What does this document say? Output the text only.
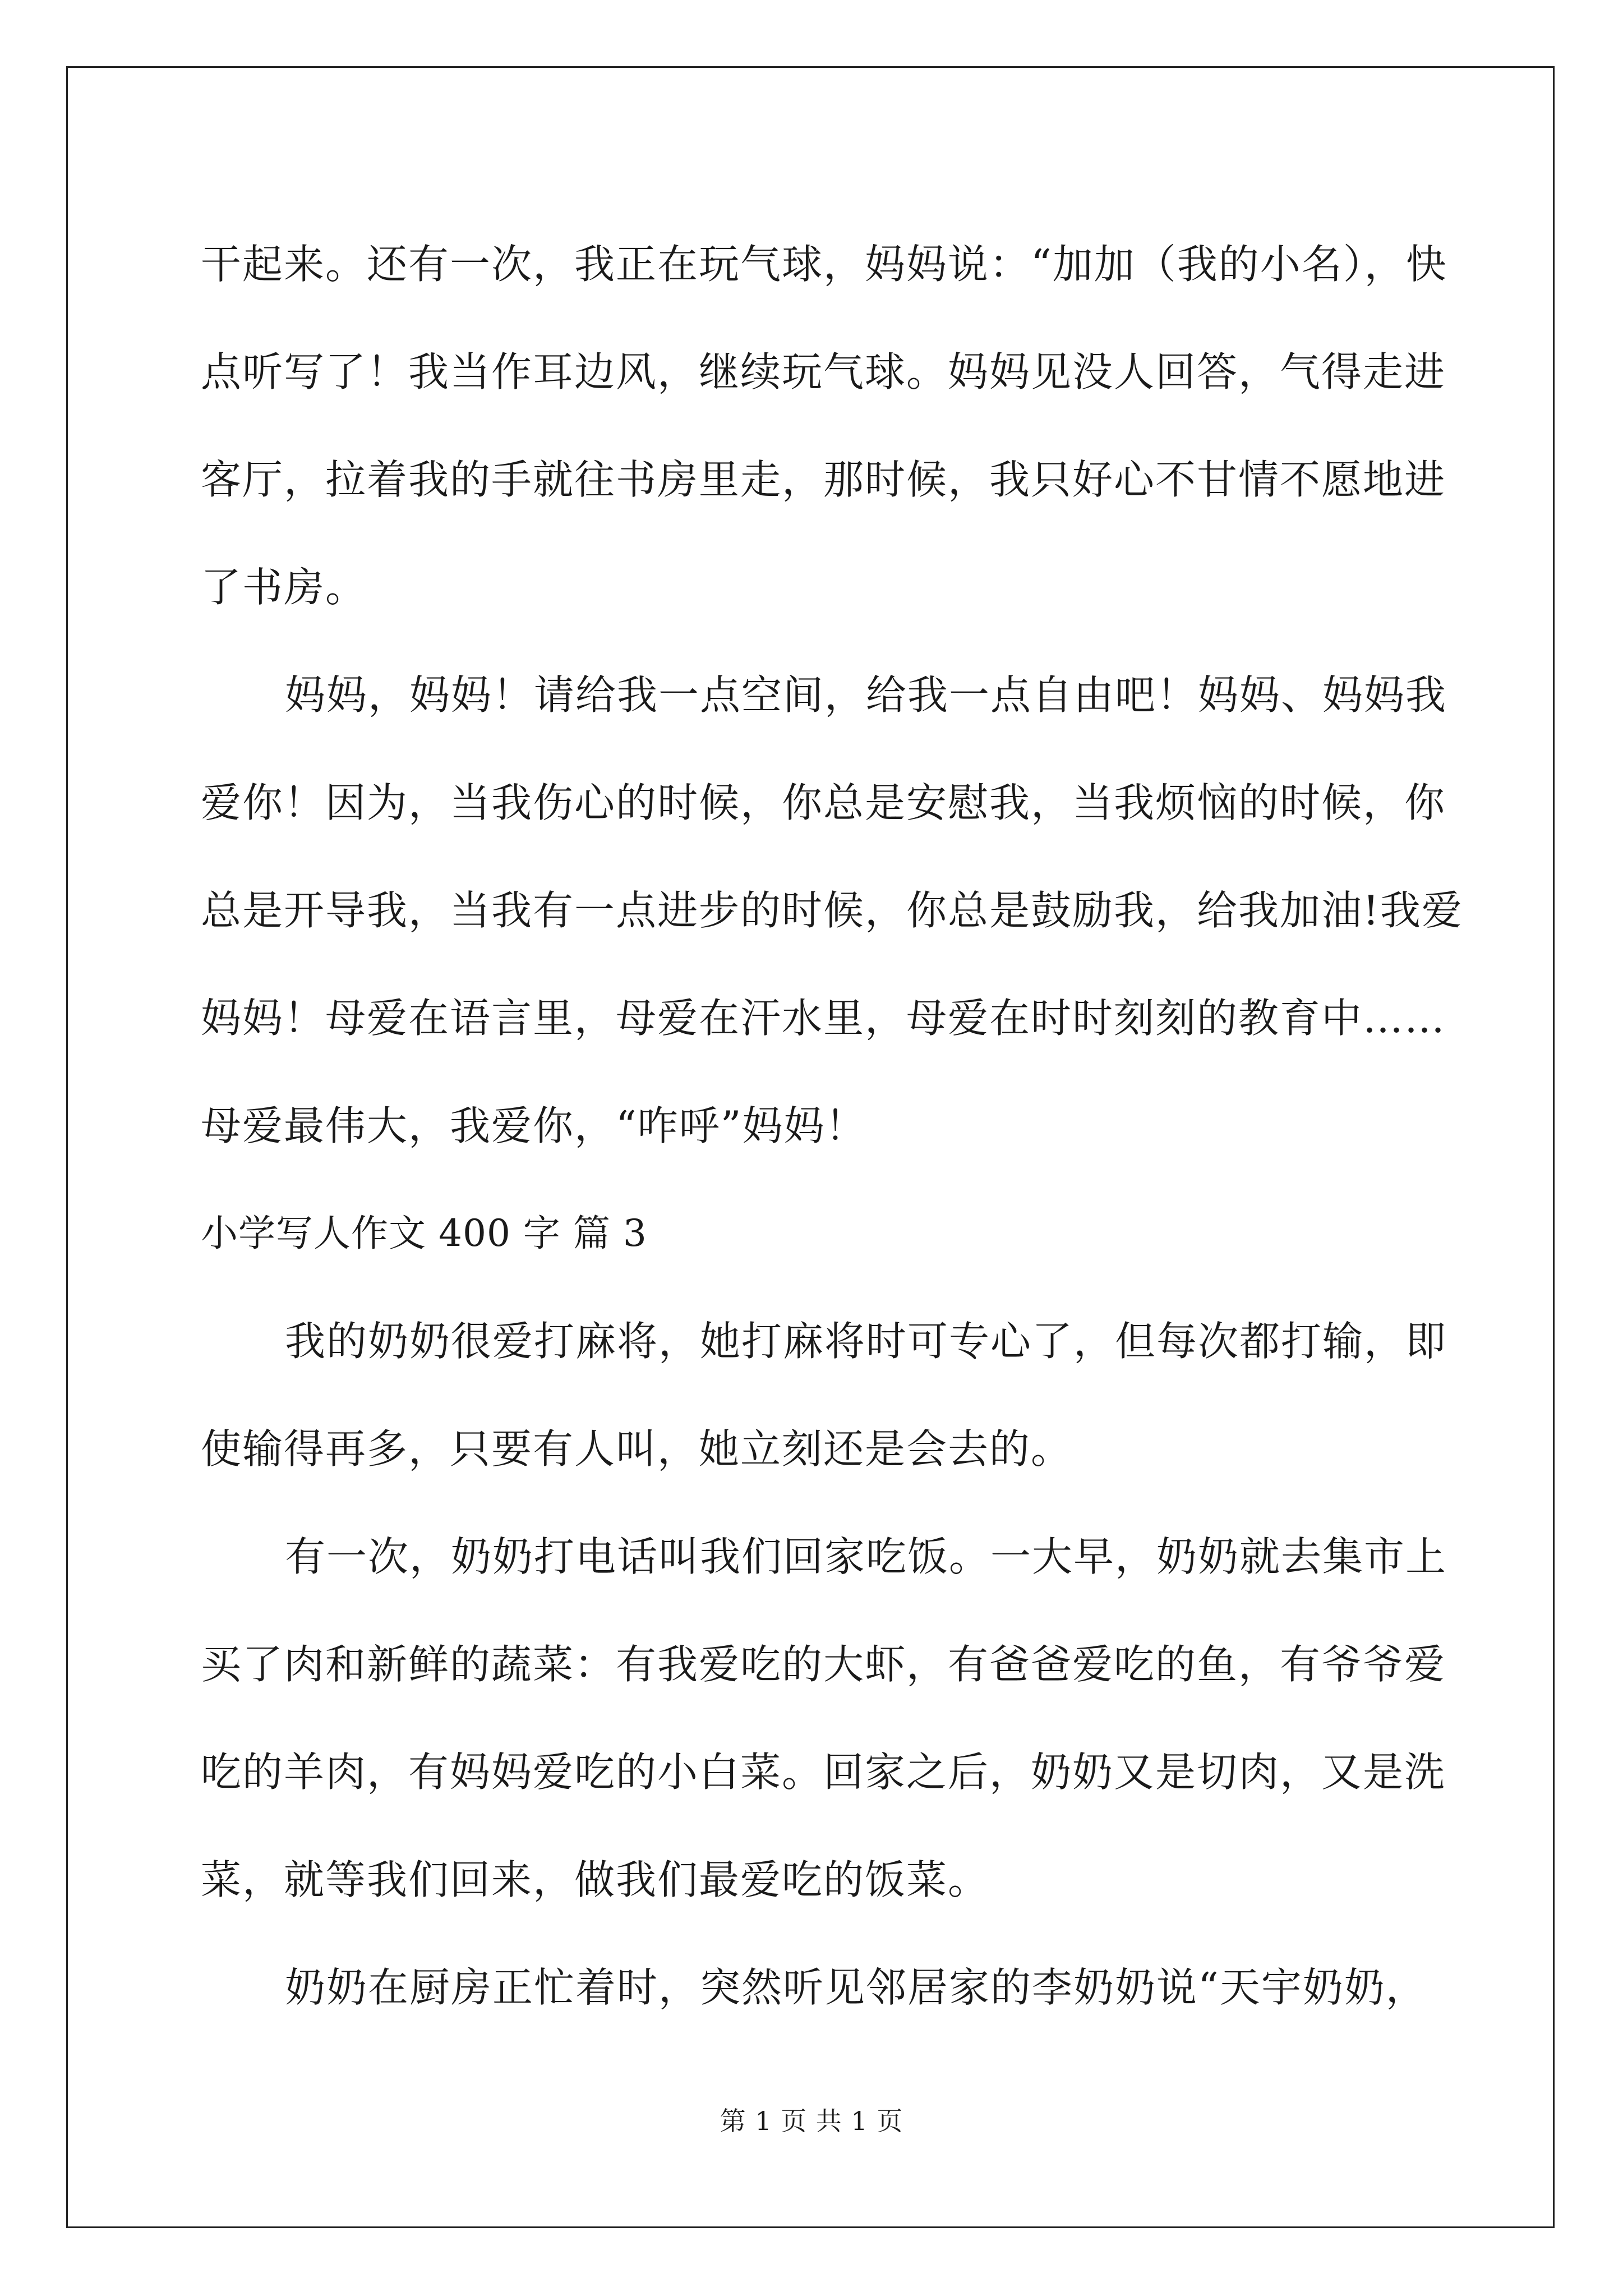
干起来。还有一次，我正在玩气球，妈妈说：“加加（我的小名），快
点听写了！我当作耳边风，继续玩气球。妈妈见没人回答，气得走进
客厅，拉着我的手就往书房里走，那时候，我只好心不甘情不愿地进
了书房。
妈妈，妈妈！请给我一点空间，给我一点自由吧！妈妈、妈妈我
爱你！因为，当我伤心的时候，你总是安慰我，当我烦恼的时候，你
总是开导我，当我有一点进步的时候，你总是鼓励我，给我加油!我爱
妈妈！母爱在语言里，母爱在汗水里，母爱在时时刻刻的教育中……
母爱最伟大，我爱你，“咋呼”妈妈！
小学写人作文 400 字 篇 3
我的奶奶很爱打麻将，她打麻将时可专心了，但每次都打输，即
使输得再多，只要有人叫，她立刻还是会去的。
有一次，奶奶打电话叫我们回家吃饭。一大早，奶奶就去集市上
买了肉和新鲜的蔬菜：有我爱吃的大虾，有爸爸爱吃的鱼，有爷爷爱
吃的羊肉，有妈妈爱吃的小白菜。回家之后，奶奶又是切肉，又是洗
菜，就等我们回来，做我们最爱吃的饭菜。
奶奶在厨房正忙着时，突然听见邻居家的李奶奶说“天宇奶奶，
第 1 页 共 1 页
